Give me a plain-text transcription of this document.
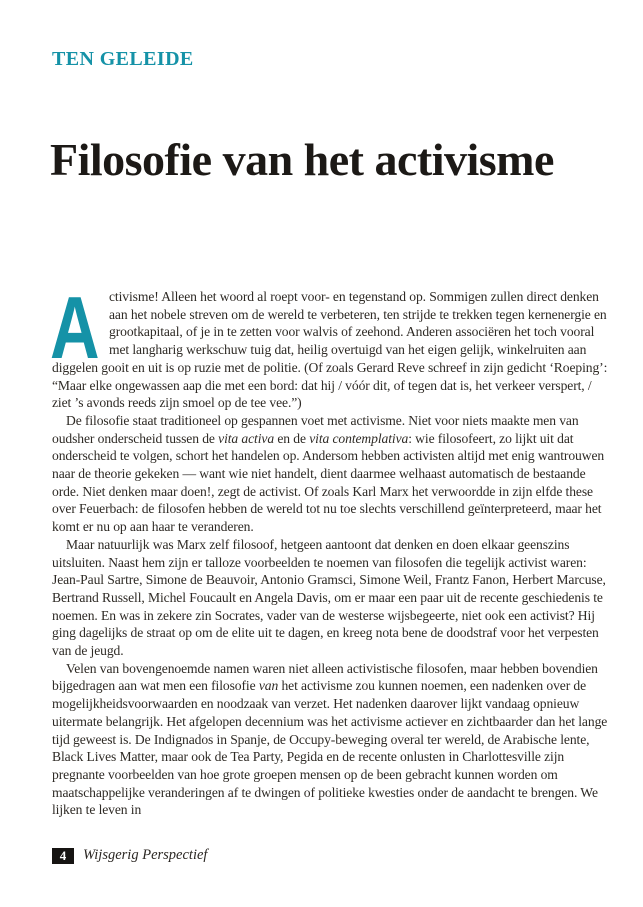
TEN GELEIDE
Filosofie van het activisme

A ctivisme! Alleen het woord al roept voor- en tegenstand op. Sommigen zullen direct denken aan het nobele streven om de wereld te verbeteren, ten strijde te trekken tegen kernenergie en grootkapitaal, of je in te zetten voor walvis of zeehond. Anderen associëren het toch vooral met langharig werkschuw tuig dat, heilig overtuigd van het eigen gelijk, winkelruiten aan diggelen gooit en uit is op ruzie met de politie. (Of zoals Gerard Reve schreef in zijn gedicht ‘Roeping’: “Maar elke ongewassen aap die met een bord: dat hij / vóór dit, of tegen dat is, het verkeer verspert, / ziet ’s avonds reeds zijn smoel op de tee vee.”)

De filosofie staat traditioneel op gespannen voet met activisme. Niet voor niets maakte men van oudsher onderscheid tussen de vita activa en de vita contemplativa: wie filosofeert, zo lijkt uit dat onderscheid te volgen, schort het handelen op. Andersom hebben activisten altijd met enig wantrouwen naar de theorie gekeken — want wie niet handelt, dient daarmee welhaast automatisch de bestaande orde. Niet denken maar doen!, zegt de activist. Of zoals Karl Marx het verwoordde in zijn elfde these over Feuerbach: de filosofen hebben de wereld tot nu toe slechts verschillend geïnterpreteerd, maar het komt er nu op aan haar te veranderen.

Maar natuurlijk was Marx zelf filosoof, hetgeen aantoont dat denken en doen elkaar geenszins uitsluiten. Naast hem zijn er talloze voorbeelden te noemen van filosofen die tegelijk activist waren: Jean-Paul Sartre, Simone de Beauvoir, Antonio Gramsci, Simone Weil, Frantz Fanon, Herbert Marcuse, Bertrand Russell, Michel Foucault en Angela Davis, om er maar een paar uit de recente geschiedenis te noemen. En was in zekere zin Socrates, vader van de westerse wijsbegeerte, niet ook een activist? Hij ging dagelijks de straat op om de elite uit te dagen, en kreeg nota bene de doodstraf voor het verpesten van de jeugd.

Velen van bovengenoemde namen waren niet alleen activistische filosofen, maar hebben bovendien bijgedragen aan wat men een filosofie van het activisme zou kunnen noemen, een nadenken over de mogelijkheidsvoorwaarden en noodzaak van verzet. Het nadenken daarover lijkt vandaag opnieuw uitermate belangrijk. Het afgelopen decennium was het activisme actiever en zichtbaarder dan het lange tijd geweest is. De Indignados in Spanje, de Occupy-beweging overal ter wereld, de Arabische lente, Black Lives Matter, maar ook de Tea Party, Pegida en de recente onlusten in Charlottesville zijn pregnante voorbeelden van hoe grote groepen mensen op de been gebracht kunnen worden om maatschappelijke veranderingen af te dwingen of politieke kwesties onder de aandacht te brengen. We lijken te leven in

4	Wijsgerig Perspectief
